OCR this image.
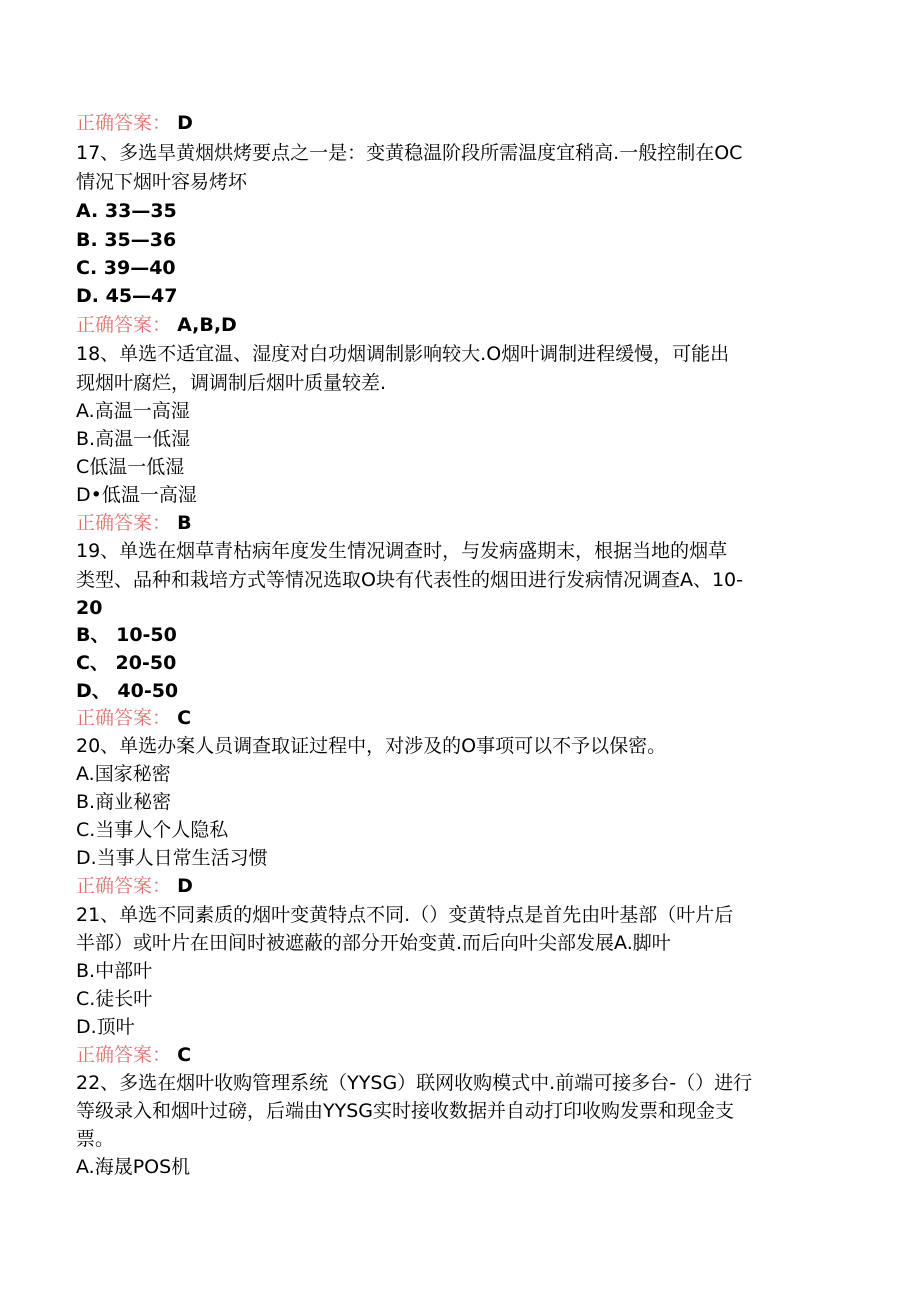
正确答案： D

17、多选旱黄烟烘烤要点之一是：变黄稳温阶段所需温度宜稍高.一般控制在OC

情况下烟叶容易烤坏

A. 33—35

B. 35—36

C. 39—40

D. 45—47

正确答案： A,B,D

18、单选不适宜温、湿度对白功烟调制影响较大.O烟叶调制进程缓慢，可能出

现烟叶腐烂，调调制后烟叶质量较差.

A.高温一高湿

B.高温一低湿

C低温一低湿

D•低温一高湿

正确答案： B

19、单选在烟草青枯病年度发生情况调查时，与发病盛期末，根据当地的烟草

类型、品种和栽培方式等情况选取O块有代表性的烟田进行发病情况调查A、10-

20

B、 10-50

C、 20-50

D、 40-50

正确答案： C

20、单选办案人员调查取证过程中，对涉及的O事项可以不予以保密。

A.国家秘密

B.商业秘密

C.当事人个人隐私

D.当事人日常生活习惯

正确答案： D

21、单选不同素质的烟叶变黄特点不同.（）变黄特点是首先由叶基部（叶片后

半部）或叶片在田间时被遮蔽的部分开始变黄.而后向叶尖部发展A.脚叶

B.中部叶

C.徒长叶

D.顶叶

正确答案： C

22、多选在烟叶收购管理系统（YYSG）联网收购模式中.前端可接多台-（）进行

等级录入和烟叶过磅，后端由YYSG实时接收数据并自动打印收购发票和现金支

票。

A.海晟POS机
